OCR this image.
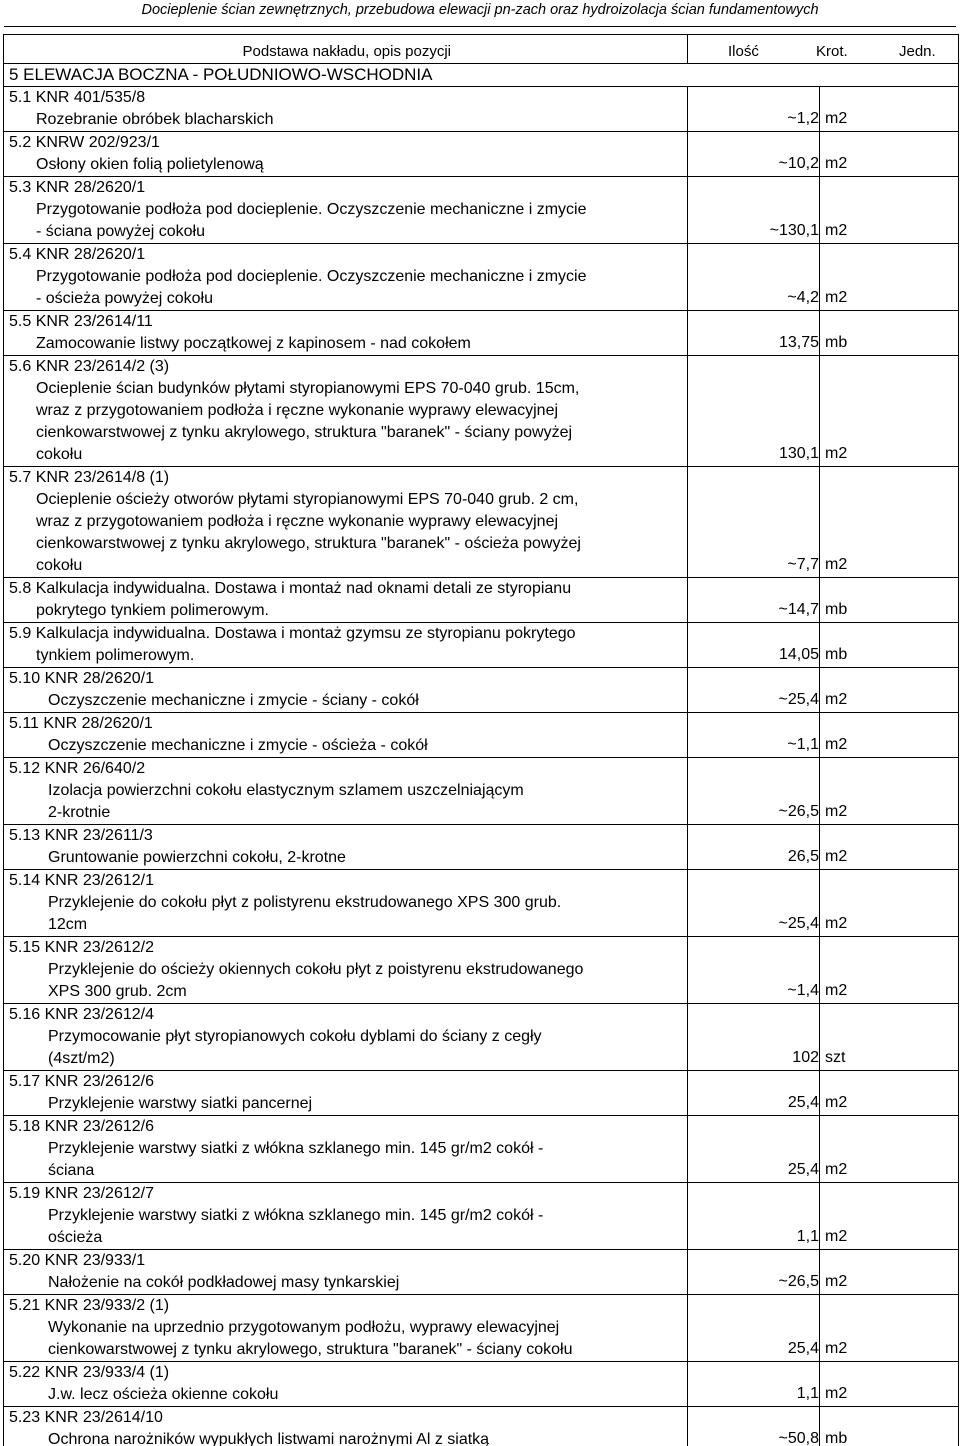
Docieplenie ścian zewnętrznych, przebudowa elewacji pn-zach oraz hydroizolacja ścian fundamentowych
Podstawa nakładu, opis pozycji	Ilość Krot. Jedn.	

5 ELEWACJA BOCZNA - POŁUDNIOWO-WSCHODNIA		

5.1 KNR 401/535/8
Rozebranie obróbek blacharskich	~1,2	m2

5.2 KNRW 202/923/1
Osłony okien folią polietylenową	~10,2	m2

5.3 KNR 28/2620/1
Przygotowanie podłoża pod docieplenie. Oczyszczenie mechaniczne i zmycie
- ściana powyżej cokołu	~130,1	m2

5.4 KNR 28/2620/1
Przygotowanie podłoża pod docieplenie. Oczyszczenie mechaniczne i zmycie
- ościeża powyżej cokołu	~4,2	m2

5.5 KNR 23/2614/11
Zamocowanie listwy początkowej z kapinosem - nad cokołem	13,75	mb

5.6 KNR 23/2614/2 (3)
Ocieplenie ścian budynków płytami styropianowymi EPS 70-040 grub. 15cm,
wraz z przygotowaniem podłoża i ręczne wykonanie wyprawy elewacyjnej
cienkowarstwowej z tynku akrylowego, struktura "baranek" - ściany powyżej
cokołu	130,1	m2

5.7 KNR 23/2614/8 (1)
Ocieplenie ościeży otworów płytami styropianowymi EPS 70-040 grub. 2 cm,
wraz z przygotowaniem podłoża i ręczne wykonanie wyprawy elewacyjnej
cienkowarstwowej z tynku akrylowego, struktura "baranek" - ościeża powyżej
cokołu	~7,7	m2

5.8 Kalkulacja indywidualna. Dostawa i montaż nad oknami detali ze styropianu
pokrytego tynkiem polimerowym.	~14,7	mb

5.9 Kalkulacja indywidualna. Dostawa i montaż gzymsu ze styropianu pokrytego
tynkiem polimerowym.	14,05	mb

5.10 KNR 28/2620/1
Oczyszczenie mechaniczne i zmycie - ściany - cokół	~25,4	m2

5.11 KNR 28/2620/1
Oczyszczenie mechaniczne i zmycie - ościeża - cokół	~1,1	m2

5.12 KNR 26/640/2
Izolacja powierzchni cokołu elastycznym szlamem uszczelniającym
2-krotnie	~26,5	m2

5.13 KNR 23/2611/3
Gruntowanie powierzchni cokołu, 2-krotne	26,5	m2

5.14 KNR 23/2612/1
Przyklejenie do cokołu płyt z polistyrenu ekstrudowanego XPS 300 grub.
12cm	~25,4	m2

5.15 KNR 23/2612/2
Przyklejenie do ościeży okiennych cokołu płyt z poistyrenu ekstrudowanego
XPS 300 grub. 2cm	~1,4	m2

5.16 KNR 23/2612/4
Przymocowanie płyt styropianowych cokołu dyblami do ściany z cegły
(4szt/m2)	102	szt

5.17 KNR 23/2612/6
Przyklejenie warstwy siatki pancernej	25,4	m2

5.18 KNR 23/2612/6
Przyklejenie warstwy siatki z włókna szklanego min. 145 gr/m2 cokół -
ściana	25,4	m2

5.19 KNR 23/2612/7
Przyklejenie warstwy siatki z włókna szklanego min. 145 gr/m2 cokół -
ościeża	1,1	m2

5.20 KNR 23/933/1
Nałożenie na cokół podkładowej masy tynkarskiej	~26,5	m2

5.21 KNR 23/933/2 (1)
Wykonanie na uprzednio przygotowanym podłożu, wyprawy elewacyjnej
cienkowarstwowej z tynku akrylowego, struktura "baranek" - ściany cokołu	25,4	m2

5.22 KNR 23/933/4 (1)
J.w. lecz ościeża okienne cokołu	1,1	m2

5.23 KNR 23/2614/10
Ochrona narożników wypukłych listwami narożnymi Al z siatką	~50,8	mb
